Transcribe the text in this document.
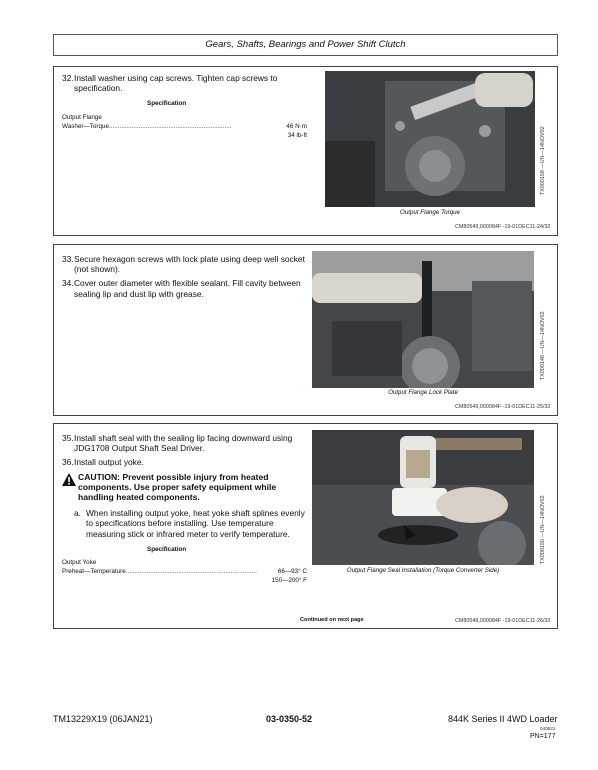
Gears, Shafts, Bearings and Power Shift Clutch
32. Install washer using cap screws. Tighten cap screws to specification.
Specification
Output Flange
Washer—Torque......................................................................	46 N·m
34 lb-ft
Output Flange Torque
TX000158 —UN—14NOV02
CM80549,000084F -19-01DEC11-24/32
33. Secure hexagon screws with lock plate using deep well socket (not shown).
34. Cover outer diameter with flexible sealant. Fill cavity between sealing lip and dust lip with grease.
Output Flange Lock Plate
TX000148 —UN—14NOV02
CM80549,000084F -19-01DEC11-25/32
35. Install shaft seal with the sealing lip facing downward using JDG1708 Output Shaft Seal Driver.
36. Install output yoke.
CAUTION: Prevent possible injury from heated components. Use proper safety equipment while handling heated components.
a. When installing output yoke, heat yoke shaft splines evenly to specifications before installing. Use temperature measuring stick or infrared meter to verify temperature.
Specification
Output Yoke
Preheat—Temperature...........................................................................	66—93° C
150—200° F
Continued on next page
Output Flange Seal Installation (Torque Converter Side)
TX000150 —UN—14NOV02
CM80549,000084F -19-01DEC11-26/32
TM13229X19 (06JAN21)	03-0350-52	844K Series II 4WD Loader
040821
PN=177
